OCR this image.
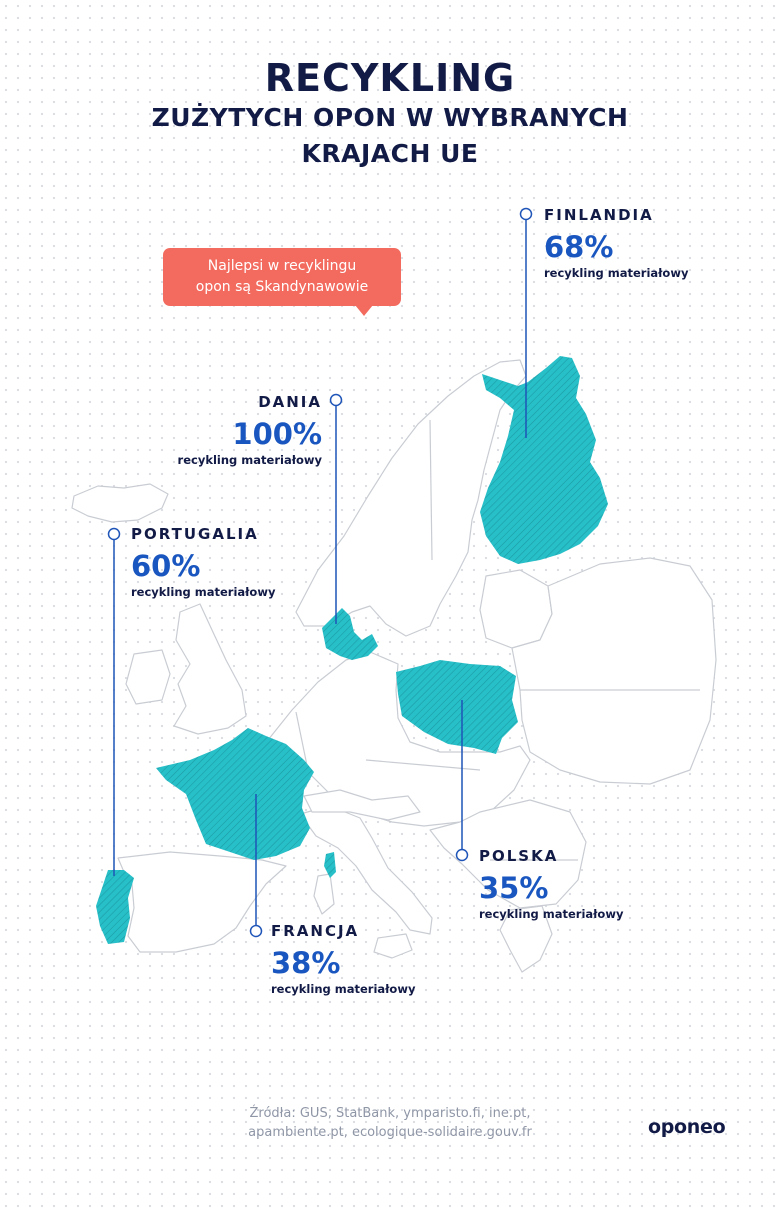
RECYKLING
ZUŻYTYCH OPON W WYBRANYCH
KRAJACH UE
Najlepsi w recyklingu
opon są Skandynawowie
FINLANDIA
68%
recykling materiałowy
DANIA
100%
recykling materiałowy
PORTUGALIA
60%
recykling materiałowy
POLSKA
35%
recykling materiałowy
FRANCJA
38%
recykling materiałowy
Źródła: GUS, StatBank, ymparisto.fi, ine.pt,
apambiente.pt, ecologique-solidaire.gouv.fr	oponeo
